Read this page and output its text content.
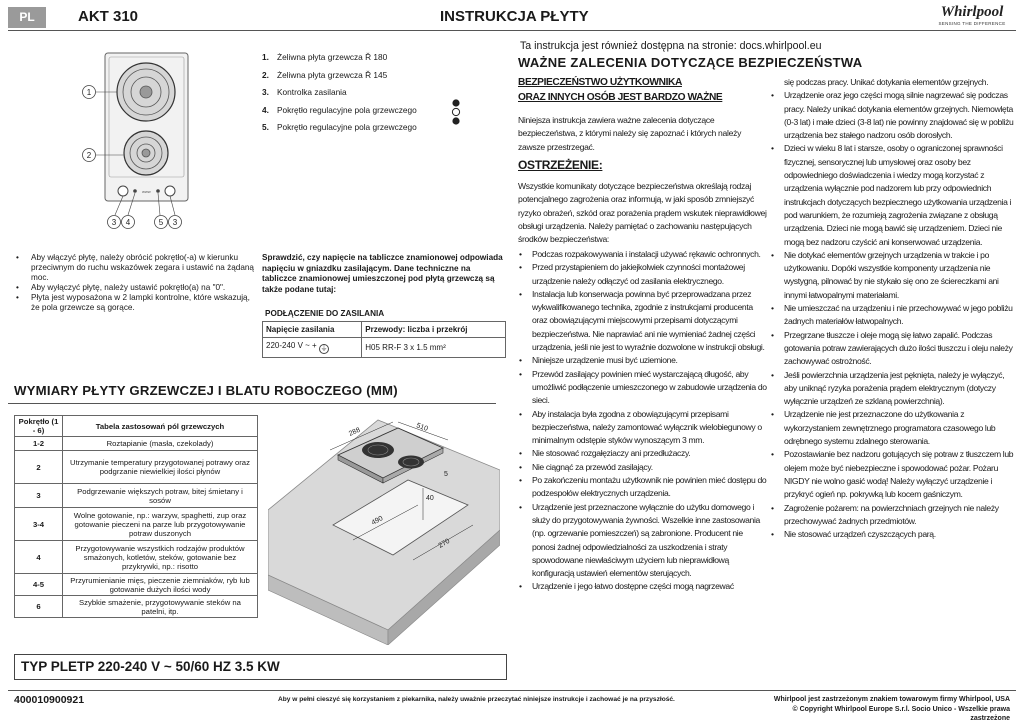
PL	AKT 310	INSTRUKCJA PŁYTY	Whirlpool
SENSING THE DIFFERENCE
www
1
2
3 4	5 3
1. Żeliwna płyta grzewcza Ř 180
2. Żeliwna płyta grzewcza Ř 145
3. Kontrolka zasilania
4. Pokrętło regulacyjne pola grzewczego
5. Pokrętło regulacyjne pola grzewczego
• Aby włączyć płytę, należy obrócić pokrętło(-a) w kierunku przeciwnym do ruchu wskazówek zegara i ustawić na żądaną moc.
• Aby wyłączyć płytę, należy ustawić pokrętło(a) na "0".
• Płyta jest wyposażona w 2 lampki kontrolne, które wskazują, że pola grzewcze są gorące.
Sprawdzić, czy napięcie na tabliczce znamionowej odpowiada napięciu w gniazdku zasilającym. Dane techniczne na tabliczce znamionowej umieszczonej pod płytą grzewczą są także podane tutaj:
PODŁĄCZENIE DO ZASILANIA
Napięcie zasilania	Przewody: liczba i przekrój
220-240 V ~ + ⏚	H05 RR-F 3 x 1.5 mm²
WYMIARY PŁYTY GRZEWCZEJ I BLATU ROBOCZEGO (MM)
Pokrętło (1 - 6)	Tabela zastosowań pól grzewczych
1-2	Roztapianie (masła, czekolady)
2	Utrzymanie temperatury przygotowanej potrawy oraz podgrzanie niewielkiej ilości płynów
3	Podgrzewanie większych potraw, bitej śmietany i sosów
3-4	Wolne gotowanie, np.: warzyw, spaghetti, zup oraz gotowanie pieczeni na parze lub przygotowywanie potraw duszonych
4	Przygotowywanie wszystkich rodzajów produktów smażonych, kotletów, steków, gotowanie bez przykrywki, np.: risotto
4-5	Przyrumienianie mięs, pieczenie ziemniaków, ryb lub gotowanie dużych ilości wody
6	Szybkie smażenie, przygotowywanie steków na patelni, itp.
288	510
490
270
40
5
TYP PLETP 220-240 V ~ 50/60 HZ 3.5 KW
400010900921	Aby w pełni cieszyć się korzystaniem z piekarnika, należy uważnie przeczytać niniejsze instrukcje i zachować je na przyszłość.	Whirlpool jest zastrzeżonym znakiem towarowym firmy Whirlpool, USA
© Copyright Whirlpool Europe S.r.l. Socio Unico - Wszelkie prawa zastrzeżone
Ta instrukcja jest również dostępna na stronie: docs.whirlpool.eu
WAŻNE ZALECENIA DOTYCZĄCE BEZPIECZEŃSTWA
BEZPIECZEŃSTWO UŻYTKOWNIKA
ORAZ INNYCH OSÓB JEST BARDZO WAŻNE
Niniejsza instrukcja zawiera ważne zalecenia dotyczące bezpieczeństwa, z którymi należy się zapoznać i których należy zawsze przestrzegać.
OSTRZEŻENIE:
Wszystkie komunikaty dotyczące bezpieczeństwa określają rodzaj potencjalnego zagrożenia oraz informują, w jaki sposób zmniejszyć ryzyko obrażeń, szkód oraz porażenia prądem wskutek nieprawidłowej obsługi urządzenia. Należy pamiętać o zachowaniu następujących środków bezpieczeństwa:
• Podczas rozpakowywania i instalacji używać rękawic ochronnych.
• Przed przystąpieniem do jakiejkolwiek czynności montażowej urządzenie należy odłączyć od zasilania elektrycznego.
• Instalacja lub konserwacja powinna być przeprowadzana przez wykwalifikowanego technika, zgodnie z instrukcjami producenta oraz obowiązującymi miejscowymi przepisami dotyczącymi bezpieczeństwa. Nie naprawiać ani nie wymieniać żadnej części urządzenia, jeśli nie jest to wyraźnie dozwolone w instrukcji obsługi.
• Niniejsze urządzenie musi być uziemione.
• Przewód zasilający powinien mieć wystarczającą długość, aby umożliwić podłączenie umieszczonego w zabudowie urządzenia do sieci.
• Aby instalacja była zgodna z obowiązującymi przepisami bezpieczeństwa, należy zamontować wyłącznik wielobiegunowy o minimalnym odstępie styków wynoszącym 3 mm.
• Nie stosować rozgałęziaczy ani przedłużaczy.
• Nie ciągnąć za przewód zasilający.
• Po zakończeniu montażu użytkownik nie powinien mieć dostępu do podzespołów elektrycznych urządzenia.
• Urządzenie jest przeznaczone wyłącznie do użytku domowego i służy do przygotowywania żywności. Wszelkie inne zastosowania (np. ogrzewanie pomieszczeń) są zabronione. Producent nie ponosi żadnej odpowiedzialności za uszkodzenia i straty spowodowane niewłaściwym użyciem lub nieprawidłową konfiguracją ustawień elementów sterujących.
• Urządzenie i jego łatwo dostępne części mogą nagrzewać
się podczas pracy. Unikać dotykania elementów grzejnych.
• Urządzenie oraz jego części mogą silnie nagrzewać się podczas pracy. Należy unikać dotykania elementów grzejnych. Niemowlęta (0-3 lat) i małe dzieci (3-8 lat) nie powinny znajdować się w pobliżu urządzenia bez stałego nadzoru osób dorosłych.
• Dzieci w wieku 8 lat i starsze, osoby o ograniczonej sprawności fizycznej, sensorycznej lub umysłowej oraz osoby bez odpowiedniego doświadczenia i wiedzy mogą korzystać z urządzenia wyłącznie pod nadzorem lub przy odpowiednich instrukcjach dotyczących bezpiecznego użytkowania urządzenia i pod warunkiem, że rozumieją zagrożenia związane z obsługą urządzenia. Dzieci nie mogą bawić się urządzeniem. Dzieci nie mogą bez nadzoru czyścić ani konserwować urządzenia.
• Nie dotykać elementów grzejnych urządzenia w trakcie i po użytkowaniu. Dopóki wszystkie komponenty urządzenia nie wystygną, pilnować by nie stykało się ono ze ściereczkami ani innymi łatwopalnymi materiałami.
• Nie umieszczać na urządzeniu i nie przechowywać w jego pobliżu żadnych materiałów łatwopalnych.
• Przegrzane tłuszcze i oleje mogą się łatwo zapalić. Podczas gotowania potraw zawierających dużo ilości tłuszczu i oleju należy zachowywać ostrożność.
• Jeśli powierzchnia urządzenia jest pęknięta, należy je wyłączyć, aby uniknąć ryzyka porażenia prądem elektrycznym (dotyczy wyłącznie urządzeń ze szklaną powierzchnią).
• Urządzenie nie jest przeznaczone do użytkowania z wykorzystaniem zewnętrznego programatora czasowego lub odrębnego systemu zdalnego sterowania.
• Pozostawianie bez nadzoru gotujących się potraw z tłuszczem lub olejem może być niebezpieczne i spowodować pożar. Pożaru NIGDY nie wolno gasić wodą! Należy wyłączyć urządzenie i przykryć ogień np. pokrywką lub kocem gaśniczym.
• Zagrożenie pożarem: na powierzchniach grzejnych nie należy przechowywać żadnych przedmiotów.
• Nie stosować urządzeń czyszczących parą.
